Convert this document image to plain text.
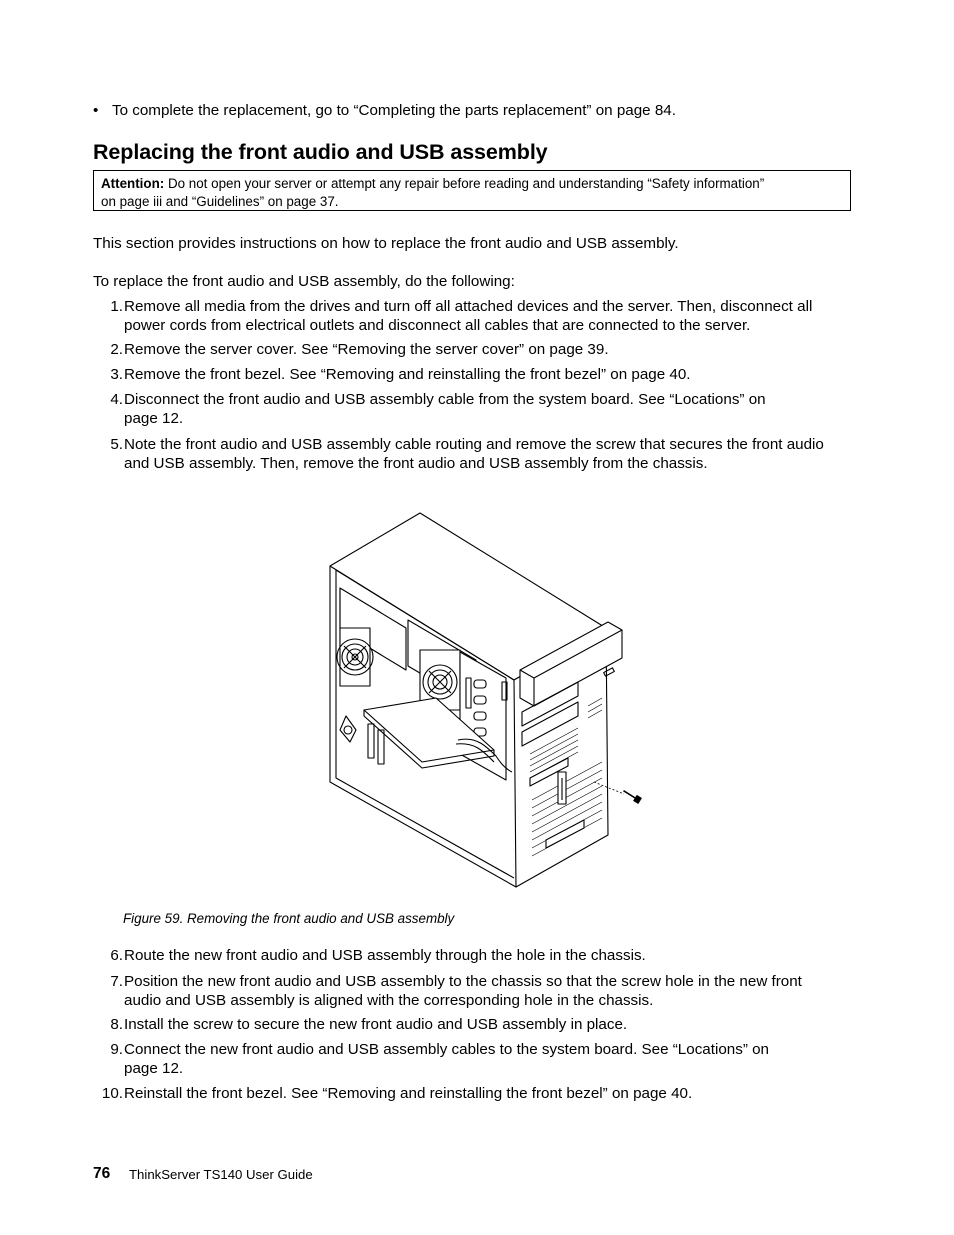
• To complete the replacement, go to “Completing the parts replacement” on page 84.
Replacing the front audio and USB assembly
Attention: Do not open your server or attempt any repair before reading and understanding “Safety information”
on page iii and “Guidelines” on page 37.
This section provides instructions on how to replace the front audio and USB assembly.
To replace the front audio and USB assembly, do the following:
1. Remove all media from the drives and turn off all attached devices and the server. Then, disconnect all
power cords from electrical outlets and disconnect all cables that are connected to the server.
2. Remove the server cover. See “Removing the server cover” on page 39.
3. Remove the front bezel. See “Removing and reinstalling the front bezel” on page 40.
4. Disconnect the front audio and USB assembly cable from the system board. See “Locations” on
page 12.
5. Note the front audio and USB assembly cable routing and remove the screw that secures the front audio
and USB assembly. Then, remove the front audio and USB assembly from the chassis.
6. Route the new front audio and USB assembly through the hole in the chassis.
7. Position the new front audio and USB assembly to the chassis so that the screw hole in the new front
audio and USB assembly is aligned with the corresponding hole in the chassis.
8. Install the screw to secure the new front audio and USB assembly in place.
9. Connect the new front audio and USB assembly cables to the system board. See “Locations” on
page 12.
10. Reinstall the front bezel. See “Removing and reinstalling the front bezel” on page 40.
Figure 59. Removing the front audio and USB assembly
76 ThinkServer TS140 User Guide
